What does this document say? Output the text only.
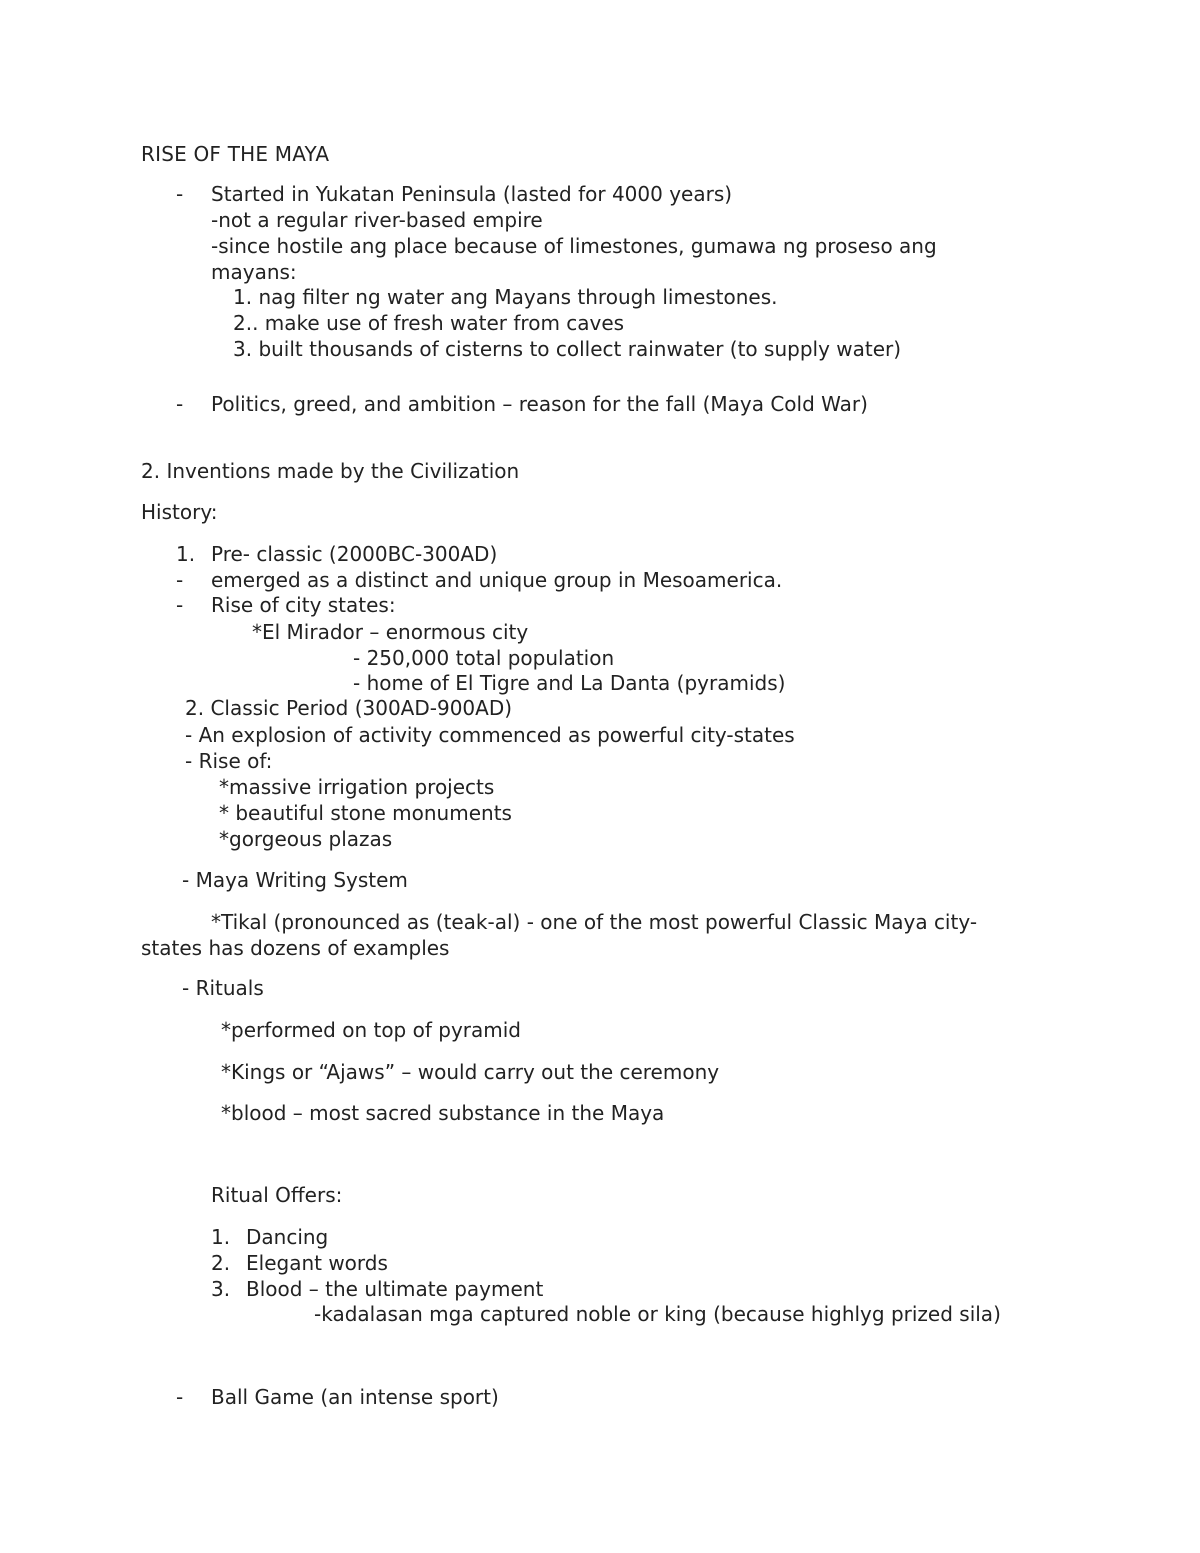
RISE OF THE MAYA
- Started in Yukatan Peninsula (lasted for 4000 years)
-not a regular river-based empire
-since hostile ang place because of limestones, gumawa ng proseso ang
mayans:
1. nag filter ng water ang Mayans through limestones.
2.. make use of fresh water from caves
3. built thousands of cisterns to collect rainwater (to supply water)
- Politics, greed, and ambition – reason for the fall (Maya Cold War)
2. Inventions made by the Civilization
History:
1. Pre- classic (2000BC-300AD)
- emerged as a distinct and unique group in Mesoamerica.
- Rise of city states:
*El Mirador – enormous city
- 250,000 total population
- home of El Tigre and La Danta (pyramids)
2. Classic Period (300AD-900AD)
- An explosion of activity commenced as powerful city-states
- Rise of:
*massive irrigation projects
* beautiful stone monuments
*gorgeous plazas
- Maya Writing System
*Tikal (pronounced as (teak-al) - one of the most powerful Classic Maya city-
states has dozens of examples
- Rituals
*performed on top of pyramid
*Kings or “Ajaws” – would carry out the ceremony
*blood – most sacred substance in the Maya
Ritual Offers:
1. Dancing
2. Elegant words
3. Blood – the ultimate payment
-kadalasan mga captured noble or king (because highlyg prized sila)
- Ball Game (an intense sport)
